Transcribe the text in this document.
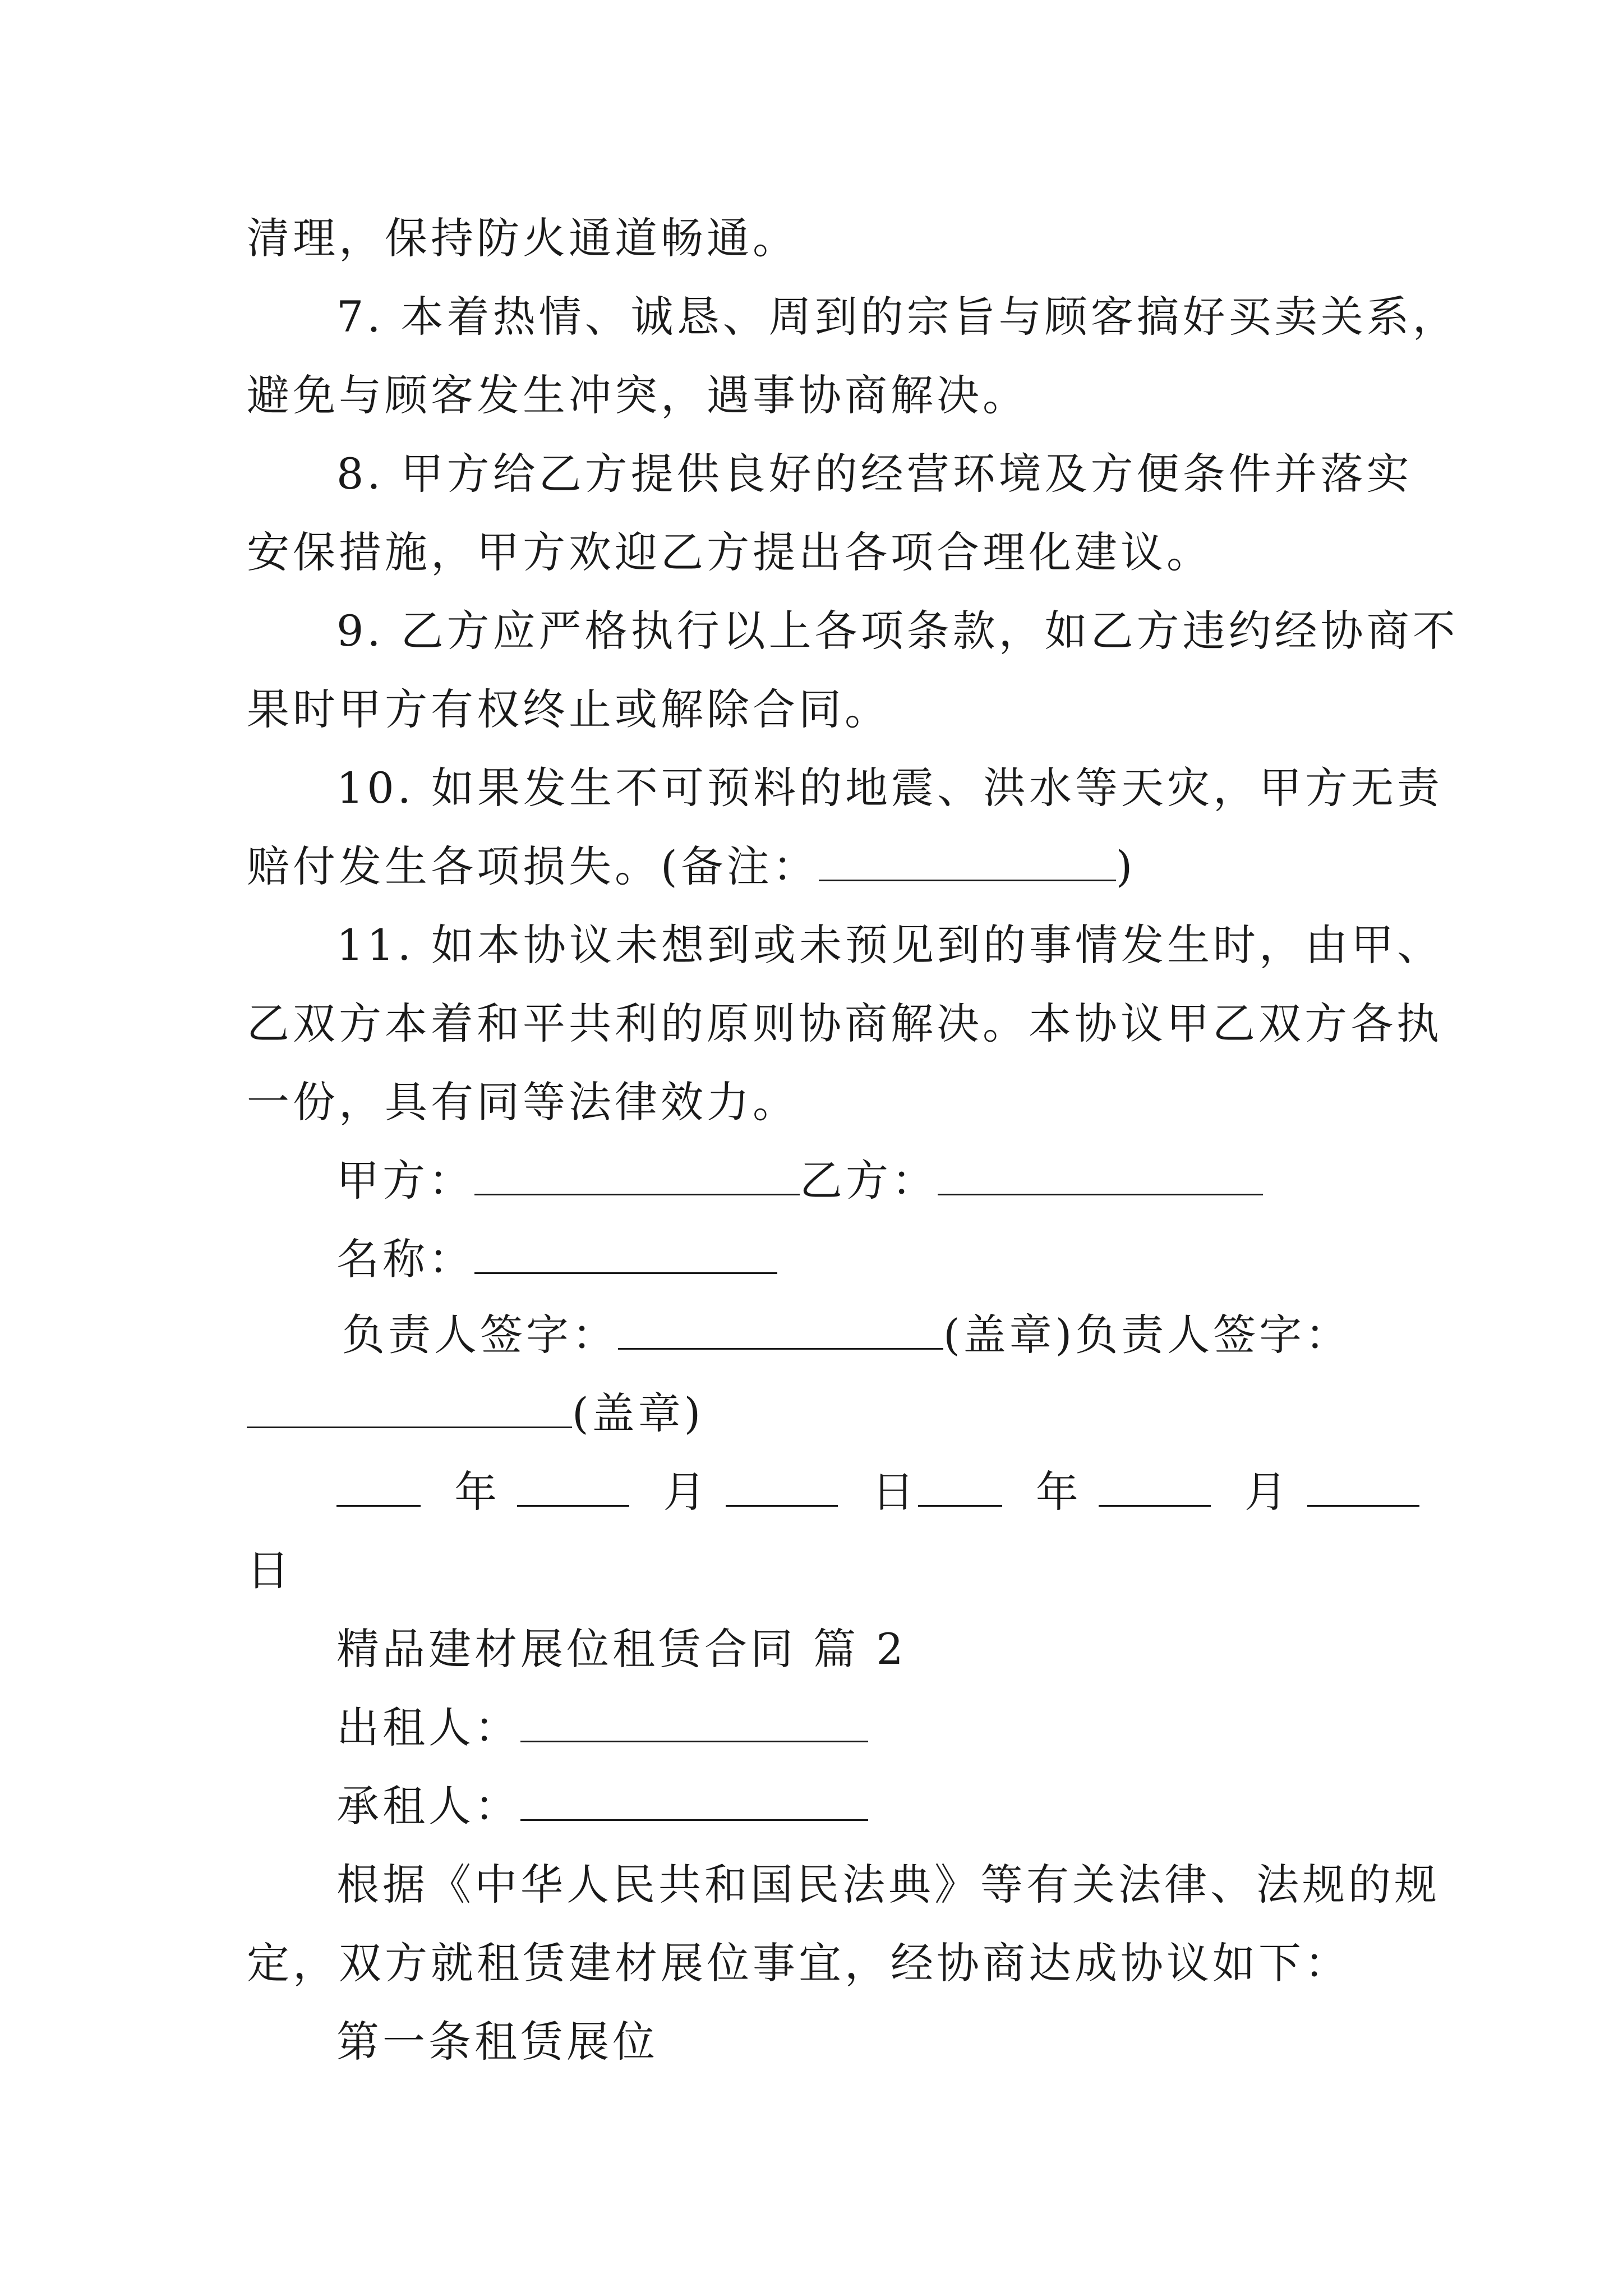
清理，保持防火通道畅通。
7. 本着热情、诚恳、周到的宗旨与顾客搞好买卖关系，
避免与顾客发生冲突，遇事协商解决。
8. 甲方给乙方提供良好的经营环境及方便条件并落实
安保措施，甲方欢迎乙方提出各项合理化建议。
9. 乙方应严格执行以上各项条款，如乙方违约经协商不
果时甲方有权终止或解除合同。
10. 如果发生不可预料的地震、洪水等天灾，甲方无责
赔付发生各项损失。(备注：	)
11. 如本协议未想到或未预见到的事情发生时，由甲、
乙双方本着和平共利的原则协商解决。本协议甲乙双方各执
一份，具有同等法律效力。
甲方：	乙方：
名称：
负责人签字：	(盖章)负责人签字：
(盖章)
年	月	日	年	月
日
精品建材展位租赁合同 篇 2
出租人：
承租人：
根据《中华人民共和国民法典》等有关法律、法规的规
定，双方就租赁建材展位事宜，经协商达成协议如下：
第一条租赁展位
